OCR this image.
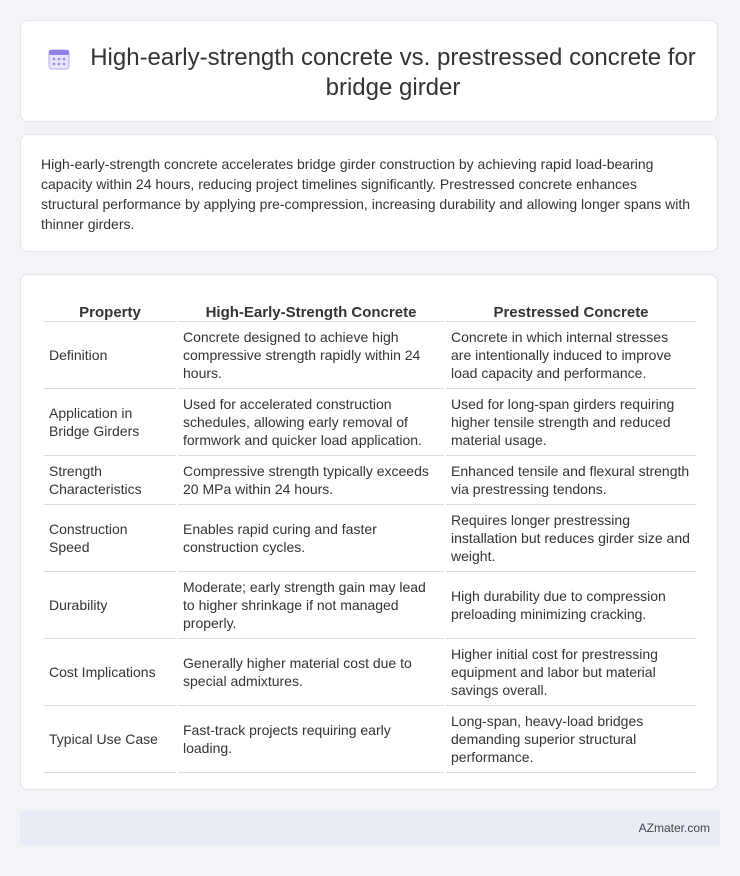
High-early-strength concrete vs. prestressed concrete for bridge girder

High-early-strength concrete accelerates bridge girder construction by achieving rapid load-bearing capacity within 24 hours, reducing project timelines significantly. Prestressed concrete enhances structural performance by applying pre-compression, increasing durability and allowing longer spans with thinner girders.

Property	High-Early-Strength Concrete	Prestressed Concrete
Definition	Concrete designed to achieve high compressive strength rapidly within 24 hours.	Concrete in which internal stresses are intentionally induced to improve load capacity and performance.
Application in Bridge Girders	Used for accelerated construction schedules, allowing early removal of formwork and quicker load application.	Used for long-span girders requiring higher tensile strength and reduced material usage.
Strength Characteristics	Compressive strength typically exceeds 20 MPa within 24 hours.	Enhanced tensile and flexural strength via prestressing tendons.
Construction Speed	Enables rapid curing and faster construction cycles.	Requires longer prestressing installation but reduces girder size and weight.
Durability	Moderate; early strength gain may lead to higher shrinkage if not managed properly.	High durability due to compression preloading minimizing cracking.
Cost Implications	Generally higher material cost due to special admixtures.	Higher initial cost for prestressing equipment and labor but material savings overall.
Typical Use Case	Fast-track projects requiring early loading.	Long-span, heavy-load bridges demanding superior structural performance.
AZmater.com
